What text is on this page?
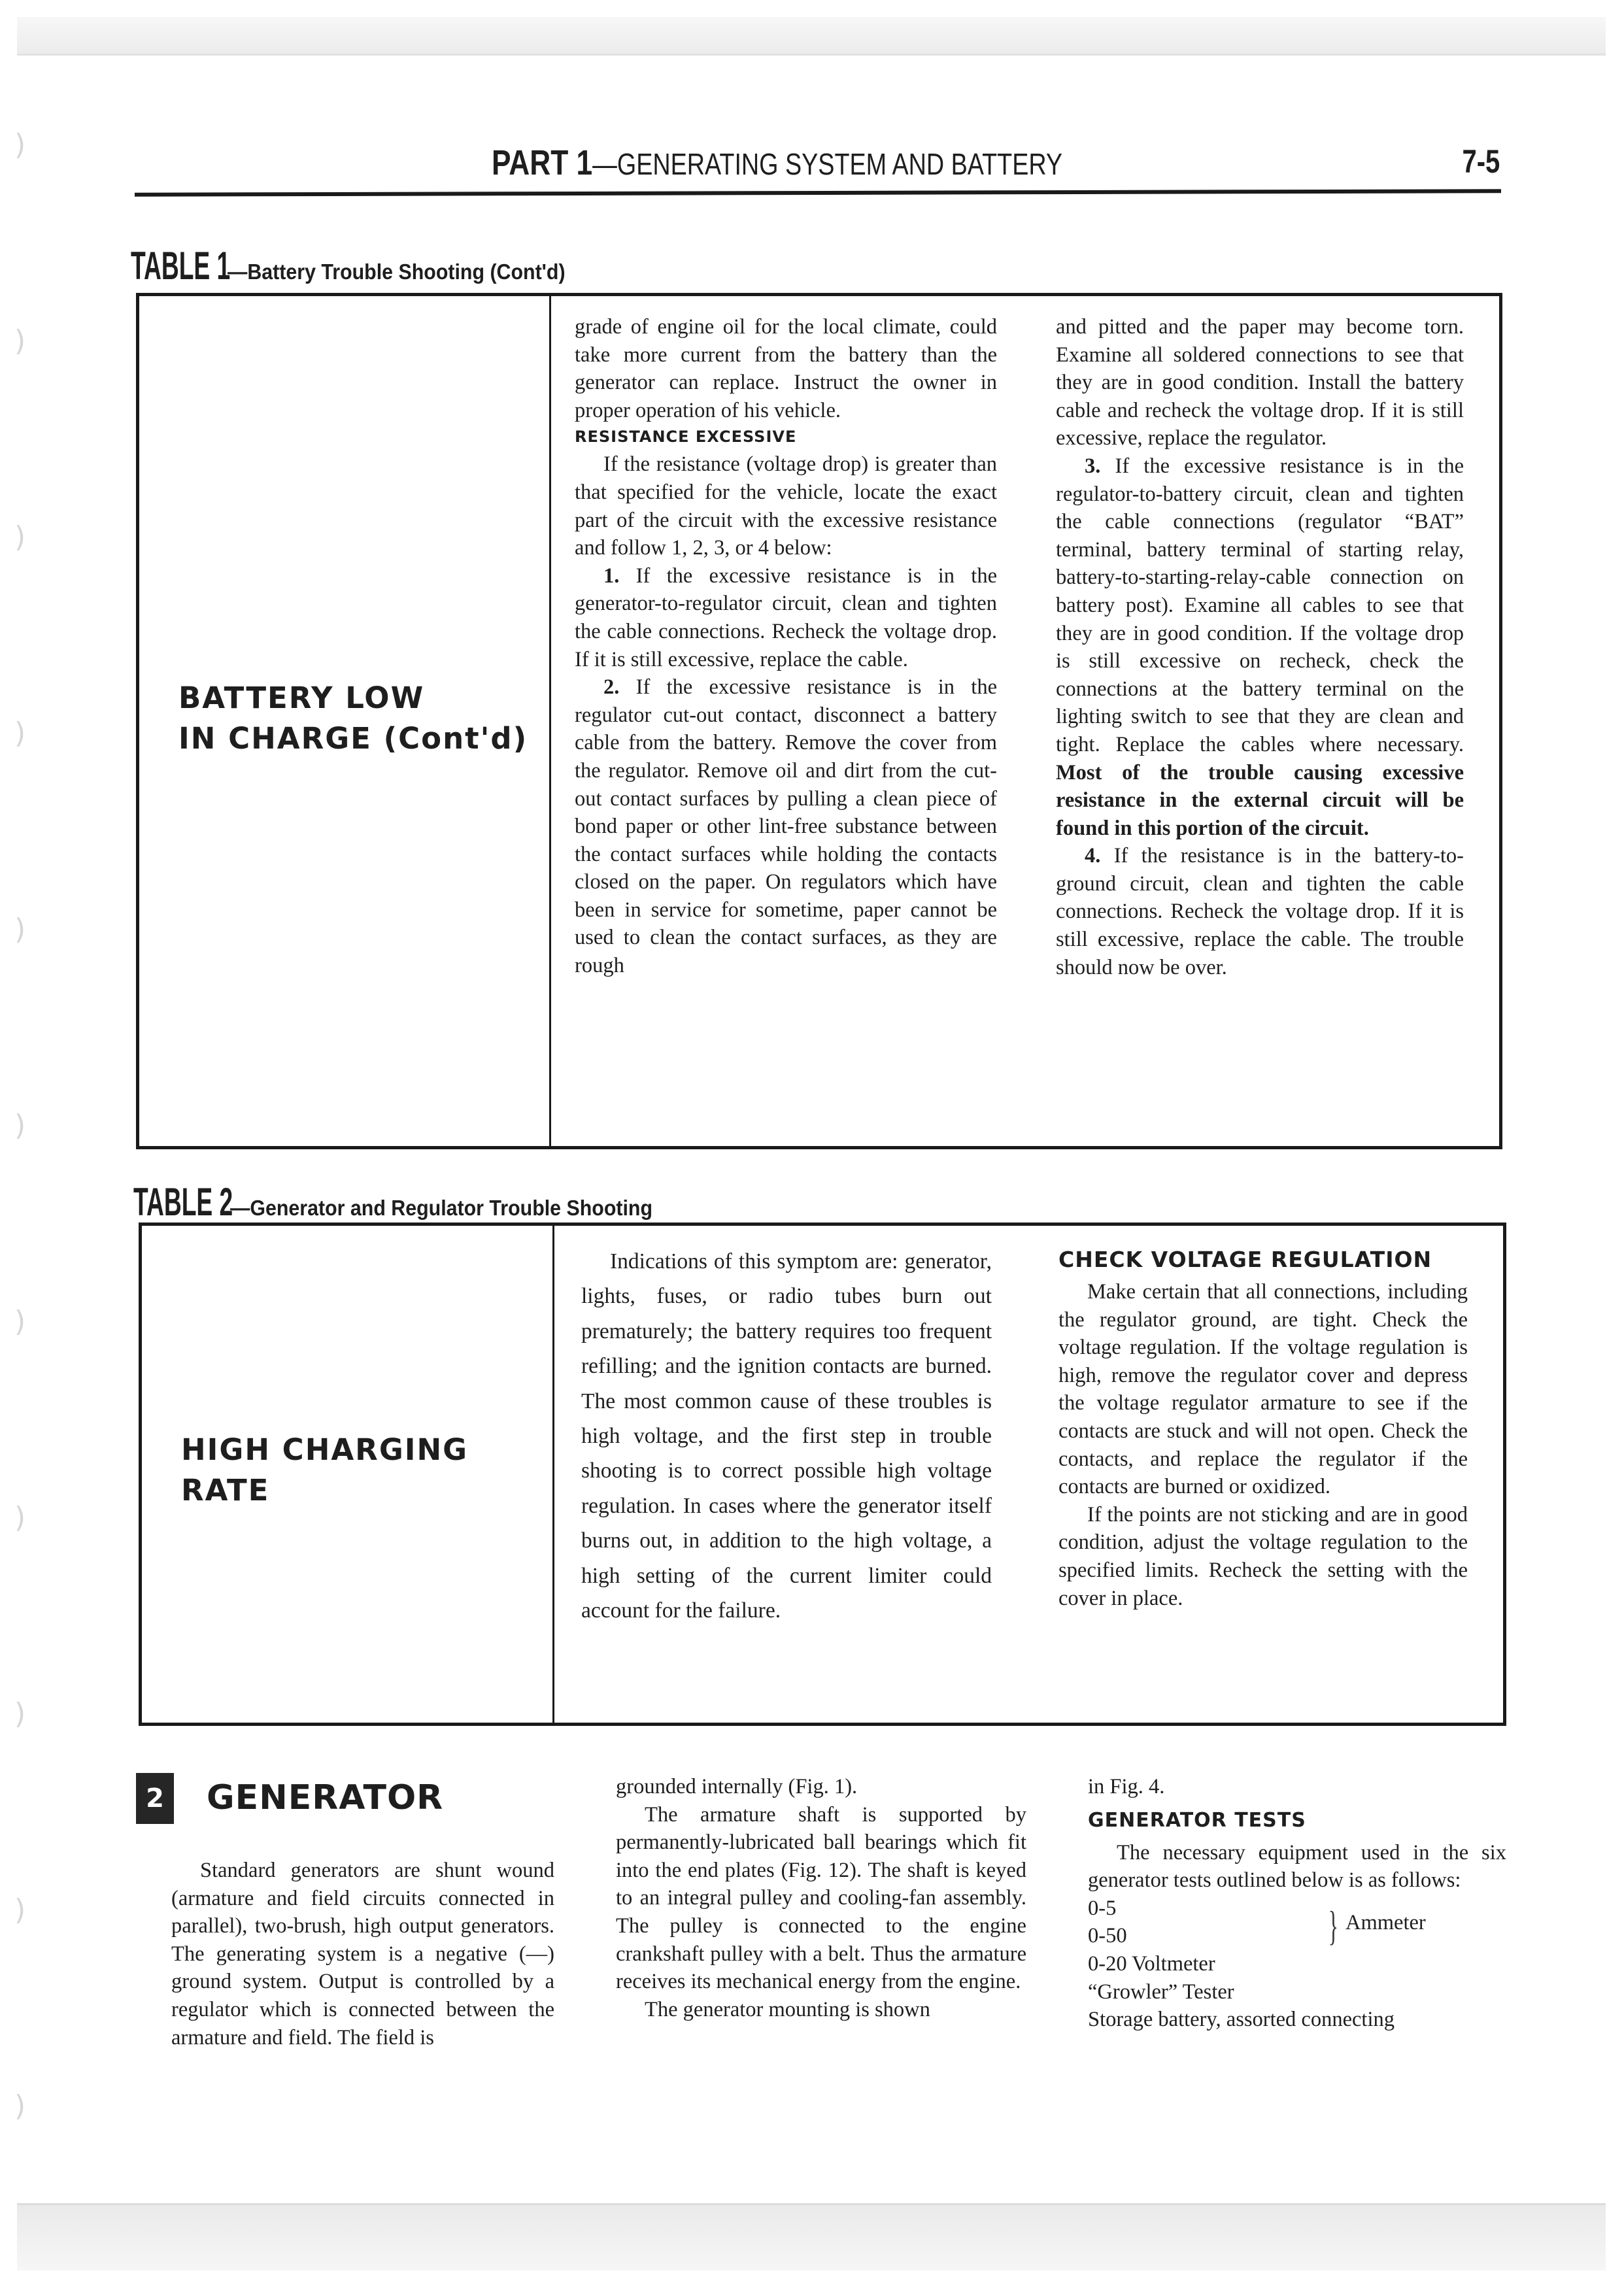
)
)
)
)
)
)
)
)
)
)
)
PART 1—GENERATING SYSTEM AND BATTERY	7-5
TABLE 1—Battery Trouble Shooting (Cont'd)
BATTERY LOW
IN CHARGE (Cont'd)

grade of engine oil for the local climate, could take more current from the battery than the generator can replace. Instruct the owner in proper operation of his vehicle.

RESISTANCE EXCESSIVE

If the resistance (voltage drop) is greater than that specified for the vehicle, locate the exact part of the circuit with the excessive resistance and follow 1, 2, 3, or 4 below:

1. If the excessive resistance is in the generator-to-regulator circuit, clean and tighten the cable connections. Recheck the voltage drop. If it is still excessive, replace the cable.

2. If the excessive resistance is in the regulator cut-out contact, disconnect a battery cable from the battery. Remove the cover from the regulator. Remove oil and dirt from the cut-out contact surfaces by pulling a clean piece of bond paper or other lint-free substance between the contact surfaces while holding the contacts closed on the paper. On regulators which have been in service for sometime, paper cannot be used to clean the contact surfaces, as they are rough

and pitted and the paper may become torn. Examine all soldered connections to see that they are in good condition. Install the battery cable and recheck the voltage drop. If it is still excessive, replace the regulator.

3. If the excessive resistance is in the regulator-to-battery circuit, clean and tighten the cable connections (regulator “BAT” terminal, battery terminal of starting relay, battery-to-starting-relay-cable connection on battery post). Examine all cables to see that they are in good condition. If the voltage drop is still excessive on recheck, check the connections at the battery terminal on the lighting switch to see that they are clean and tight. Replace the cables where necessary. Most of the trouble causing excessive resistance in the external circuit will be found in this portion of the circuit.

4. If the resistance is in the battery-to-ground circuit, clean and tighten the cable connections. Recheck the voltage drop. If it is still excessive, replace the cable. The trouble should now be over.

TABLE 2—Generator and Regulator Trouble Shooting
HIGH CHARGING
RATE

Indications of this symptom are: generator, lights, fuses, or radio tubes burn out prematurely; the battery requires too frequent refilling; and the ignition contacts are burned. The most common cause of these troubles is high voltage, and the first step in trouble shooting is to correct possible high voltage regulation. In cases where the generator itself burns out, in addition to the high voltage, a high setting of the current limiter could account for the failure.

CHECK VOLTAGE REGULATION

Make certain that all connections, including the regulator ground, are tight. Check the voltage regulation. If the voltage regulation is high, remove the regulator cover and depress the voltage regulator armature to see if the contacts are stuck and will not open. Check the contacts, and replace the regulator if the contacts are burned or oxidized.

If the points are not sticking and are in good condition, adjust the voltage regulation to the specified limits. Recheck the setting with the cover in place.

2 GENERATOR

Standard generators are shunt wound (armature and field circuits connected in parallel), two-brush, high output generators. The generating system is a negative (—) ground system. Output is controlled by a regulator which is connected between the armature and field. The field is

grounded internally (Fig. 1).

The armature shaft is supported by permanently-lubricated ball bearings which fit into the end plates (Fig. 12). The shaft is keyed to an integral pulley and cooling-fan assembly. The pulley is connected to the engine crankshaft pulley with a belt. Thus the armature receives its mechanical energy from the engine.

The generator mounting is shown

in Fig. 4.

GENERATOR TESTS

The necessary equipment used in the six generator tests outlined below is as follows:

0-5
0-50	} Ammeter
0-20 Voltmeter
“Growler” Tester
Storage battery, assorted connecting
